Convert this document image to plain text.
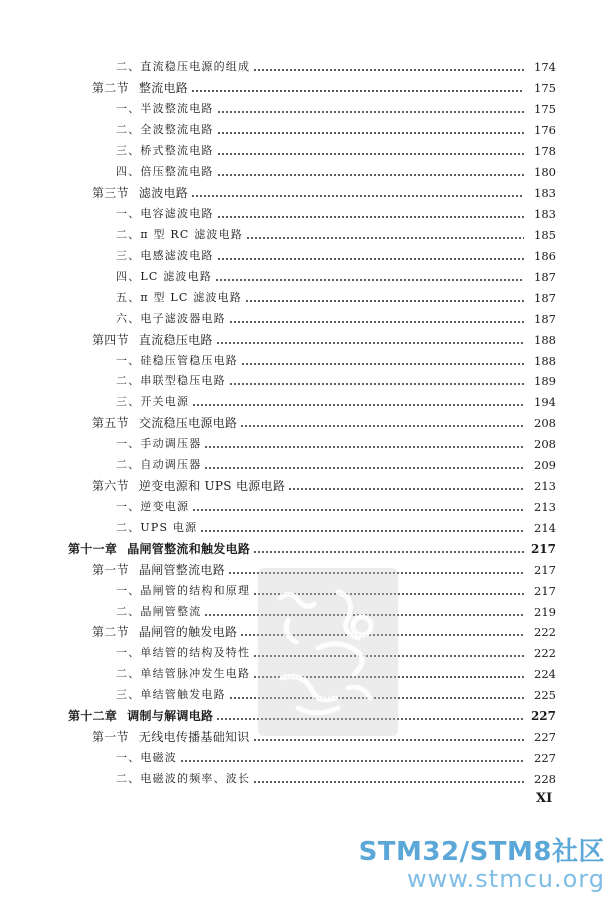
二、直流稳压电源的组成	174
第二节 整流电路	175
一、半波整流电路	175
二、全波整流电路	176
三、桥式整流电路	178
四、倍压整流电路	180
第三节 滤波电路	183
一、电容滤波电路	183
二、π 型 RC 滤波电路	185
三、电感滤波电路	186
四、LC 滤波电路	187
五、π 型 LC 滤波电路	187
六、电子滤波器电路	187
第四节 直流稳压电路	188
一、硅稳压管稳压电路	188
二、串联型稳压电路	189
三、开关电源	194
第五节 交流稳压电源电路	208
一、手动调压器	208
二、自动调压器	209
第六节 逆变电源和 UPS 电源电路	213
一、逆变电源	213
二、UPS 电源	214
第十一章 晶闸管整流和触发电路	217
第一节 晶闸管整流电路	217
一、晶闸管的结构和原理	217
二、晶闸管整流	219
第二节 晶闸管的触发电路	222
一、单结管的结构及特性	222
二、单结管脉冲发生电路	224
三、单结管触发电路	225
第十二章 调制与解调电路	227
第一节 无线电传播基础知识	227
一、电磁波	227
二、电磁波的频率、波长	228
XI
STM32/STM8社区
www.stmcu.org
